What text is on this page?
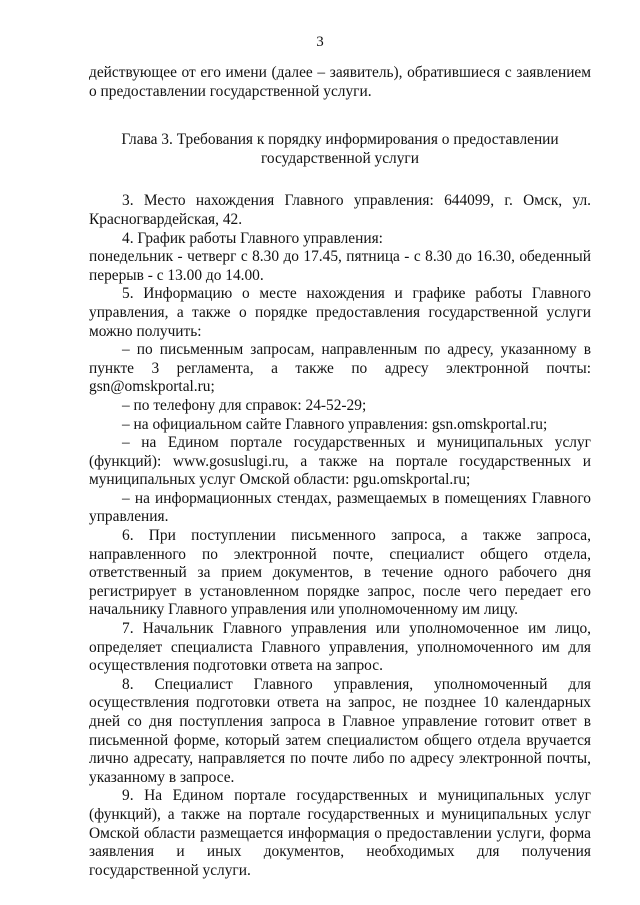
3

действующее от его имени (далее – заявитель), обратившиеся с заявлением о предоставлении государственной услуги.

Глава 3. Требования к порядку информирования о предоставлении государственной услуги

3. Место нахождения Главного управления: 644099, г. Омск, ул. Красногвардейская, 42.

4. График работы Главного управления:

понедельник - четверг с 8.30 до 17.45, пятница - с 8.30 до 16.30, обеденный перерыв - с 13.00 до 14.00.

5. Информацию о месте нахождения и графике работы Главного управления, а также о порядке предоставления государственной услуги можно получить:

– по письменным запросам, направленным по адресу, указанному в пункте 3 регламента, а также по адресу электронной почты: gsn@omskportal.ru;

– по телефону для справок: 24-52-29;

– на официальном сайте Главного управления: gsn.omskportal.ru;

– на Едином портале государственных и муниципальных услуг (функций): www.gosuslugi.ru, а также на портале государственных и муниципальных услуг Омской области: pgu.omskportal.ru;

– на информационных стендах, размещаемых в помещениях Главного управления.

6. При поступлении письменного запроса, а также запроса, направленного по электронной почте, специалист общего отдела, ответственный за прием документов, в течение одного рабочего дня регистрирует в установленном порядке запрос, после чего передает его начальнику Главного управления или уполномоченному им лицу.

7. Начальник Главного управления или уполномоченное им лицо, определяет специалиста Главного управления, уполномоченного им для осуществления подготовки ответа на запрос.

8. Специалист Главного управления, уполномоченный для осуществления подготовки ответа на запрос, не позднее 10 календарных дней со дня поступления запроса в Главное управление готовит ответ в письменной форме, который затем специалистом общего отдела вручается лично адресату, направляется по почте либо по адресу электронной почты, указанному в запросе.

9. На Едином портале государственных и муниципальных услуг (функций), а также на портале государственных и муниципальных услуг Омской области размещается информация о предоставлении услуги, форма заявления и иных документов, необходимых для получения государственной услуги.
